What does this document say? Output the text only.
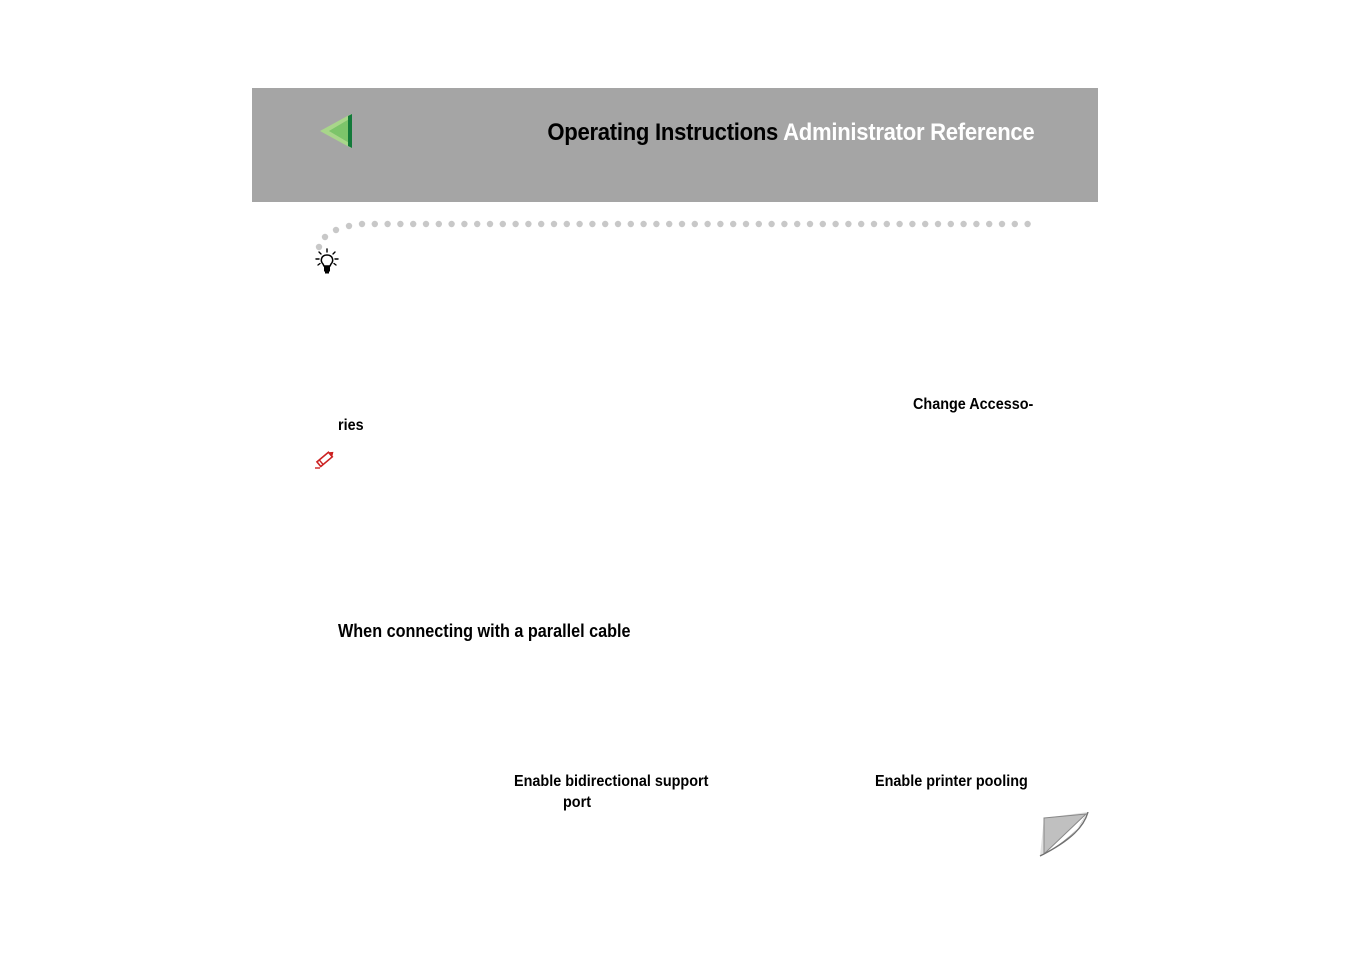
Operating Instructions Administrator Reference
Change Accesso-
ries
When connecting with a parallel cable
Enable bidirectional support
port
Enable printer pooling
